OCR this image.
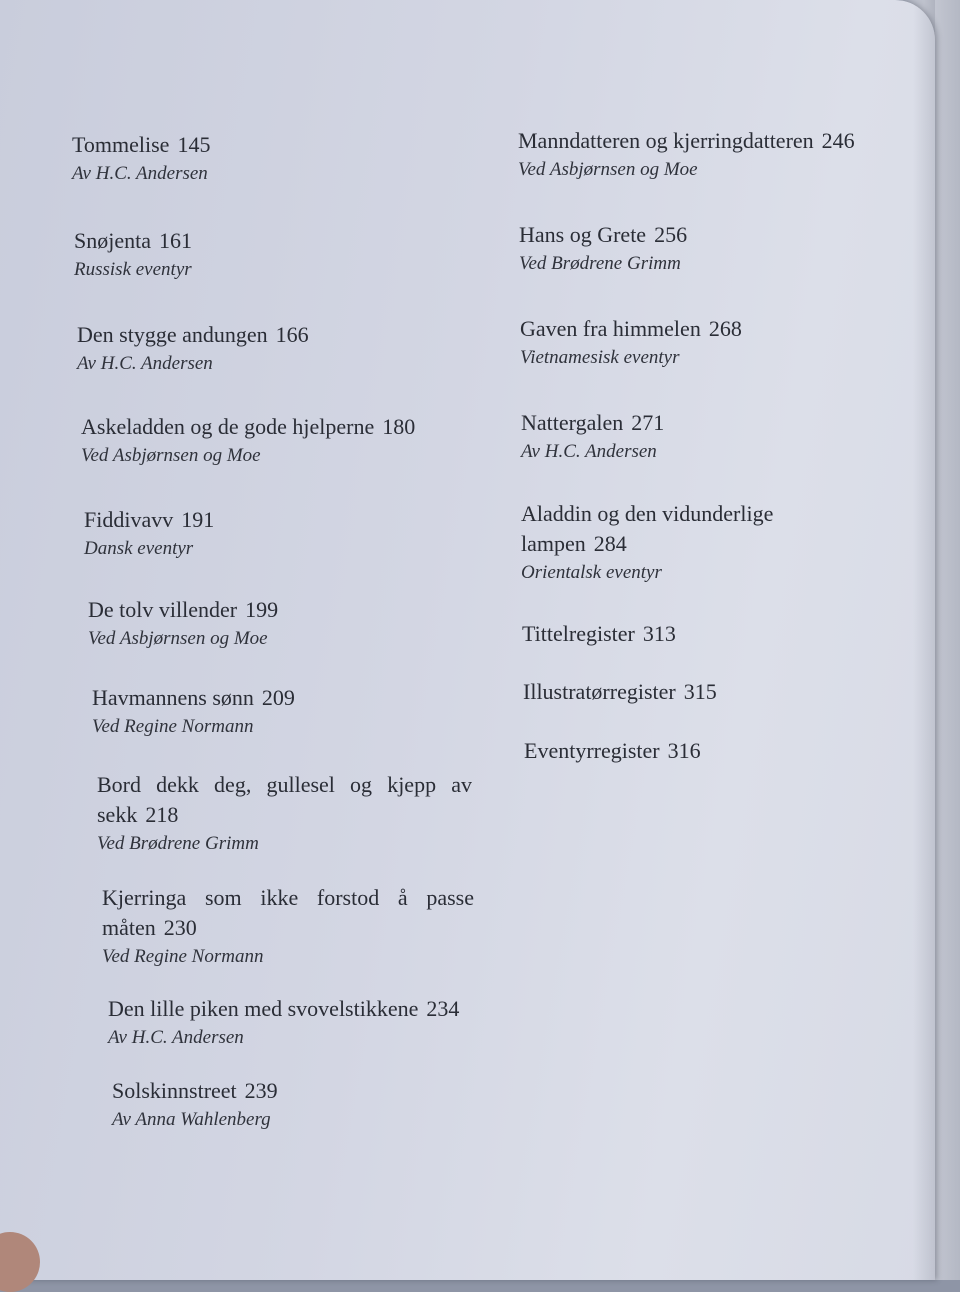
Tommelise 145
Av H.C. Andersen
Snøjenta 161
Russisk eventyr
Den stygge andungen 166
Av H.C. Andersen
Askeladden og de gode hjelperne 180
Ved Asbjørnsen og Moe
Fiddivavv 191
Dansk eventyr
De tolv villender 199
Ved Asbjørnsen og Moe
Havmannens sønn 209
Ved Regine Normann
Bord dekk deg, gullesel og kjepp av sekk 218
Ved Brødrene Grimm
Kjerringa som ikke forstod å passe måten 230
Ved Regine Normann
Den lille piken med svovelstikkene 234
Av H.C. Andersen
Solskinnstreet 239
Av Anna Wahlenberg
Manndatteren og kjerringdatteren 246
Ved Asbjørnsen og Moe
Hans og Grete 256
Ved Brødrene Grimm
Gaven fra himmelen 268
Vietnamesisk eventyr
Nattergalen 271
Av H.C. Andersen
Aladdin og den vidunderlige lampen 284
Orientalsk eventyr
Tittelregister 313
Illustratørregister 315
Eventyrregister 316
